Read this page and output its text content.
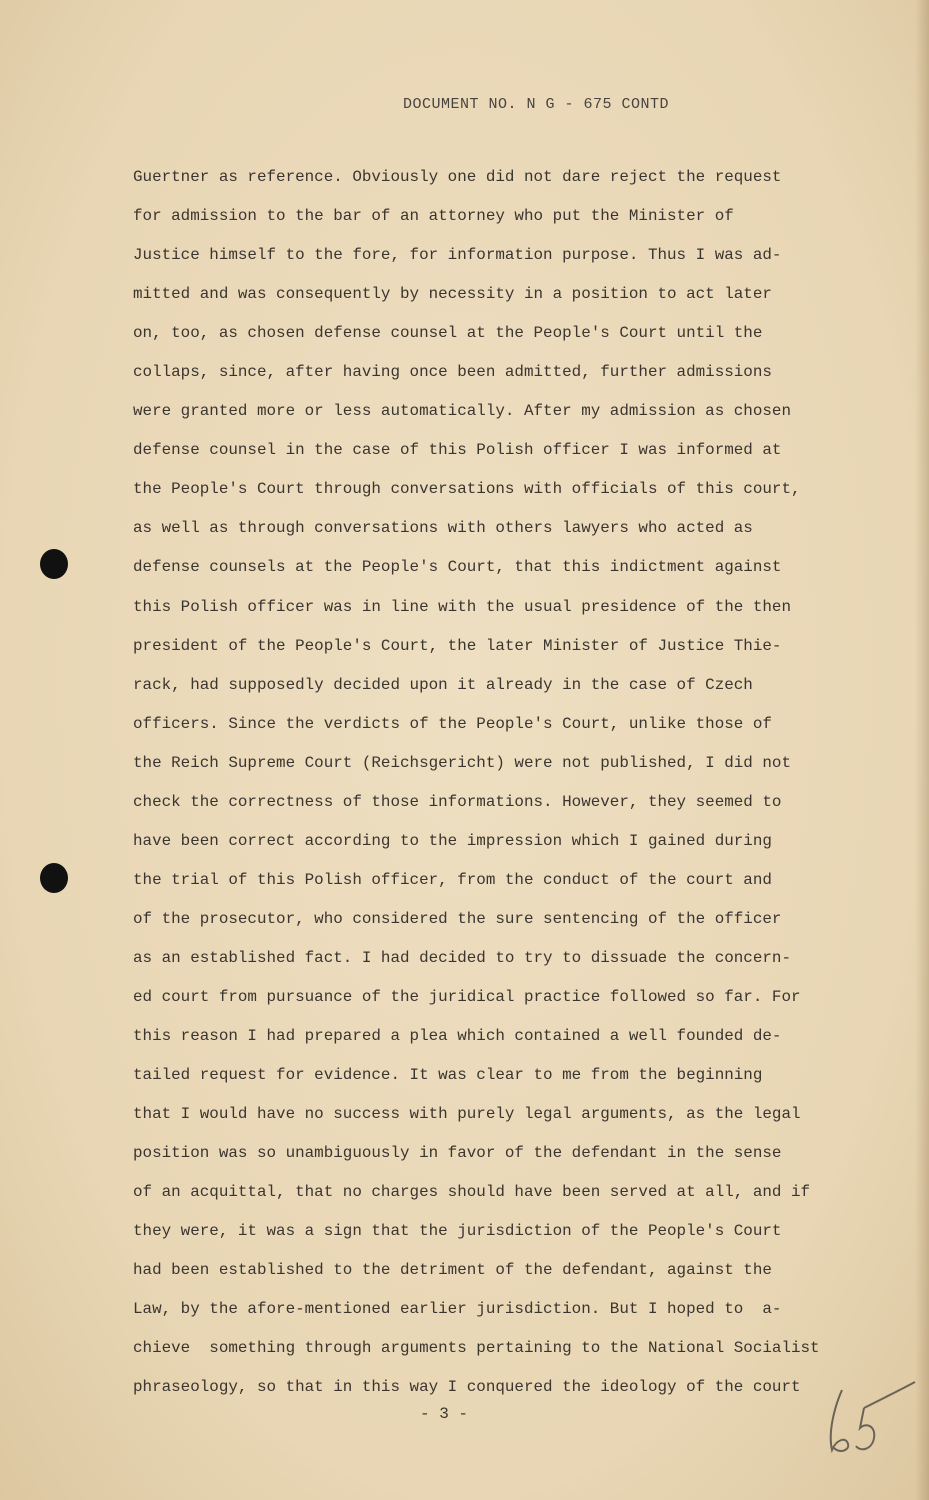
DOCUMENT NO. N G - 675 CONTD
Guertner as reference. Obviously one did not dare reject the request
for admission to the bar of an attorney who put the Minister of
Justice himself to the fore, for information purpose. Thus I was ad-
mitted and was consequently by necessity in a position to act later
on, too, as chosen defense counsel at the People's Court until the
collaps, since, after having once been admitted, further admissions
were granted more or less automatically. After my admission as chosen
defense counsel in the case of this Polish officer I was informed at
the People's Court through conversations with officials of this court,
as well as through conversations with others lawyers who acted as
defense counsels at the People's Court, that this indictment against
this Polish officer was in line with the usual presidence of the then
president of the People's Court, the later Minister of Justice Thie-
rack, had supposedly decided upon it already in the case of Czech
officers. Since the verdicts of the People's Court, unlike those of
the Reich Supreme Court (Reichsgericht) were not published, I did not
check the correctness of those informations. However, they seemed to
have been correct according to the impression which I gained during
the trial of this Polish officer, from the conduct of the court and
of the prosecutor, who considered the sure sentencing of the officer
as an established fact. I had decided to try to dissuade the concern-
ed court from pursuance of the juridical practice followed so far. For
this reason I had prepared a plea which contained a well founded de-
tailed request for evidence. It was clear to me from the beginning
that I would have no success with purely legal arguments, as the legal
position was so unambiguously in favor of the defendant in the sense
of an acquittal, that no charges should have been served at all, and if
they were, it was a sign that the jurisdiction of the People's Court
had been established to the detriment of the defendant, against the
Law, by the afore-mentioned earlier jurisdiction. But I hoped to  a-
chieve  something through arguments pertaining to the National Socialist
phraseology, so that in this way I conquered the ideology of the court
- 3 -
